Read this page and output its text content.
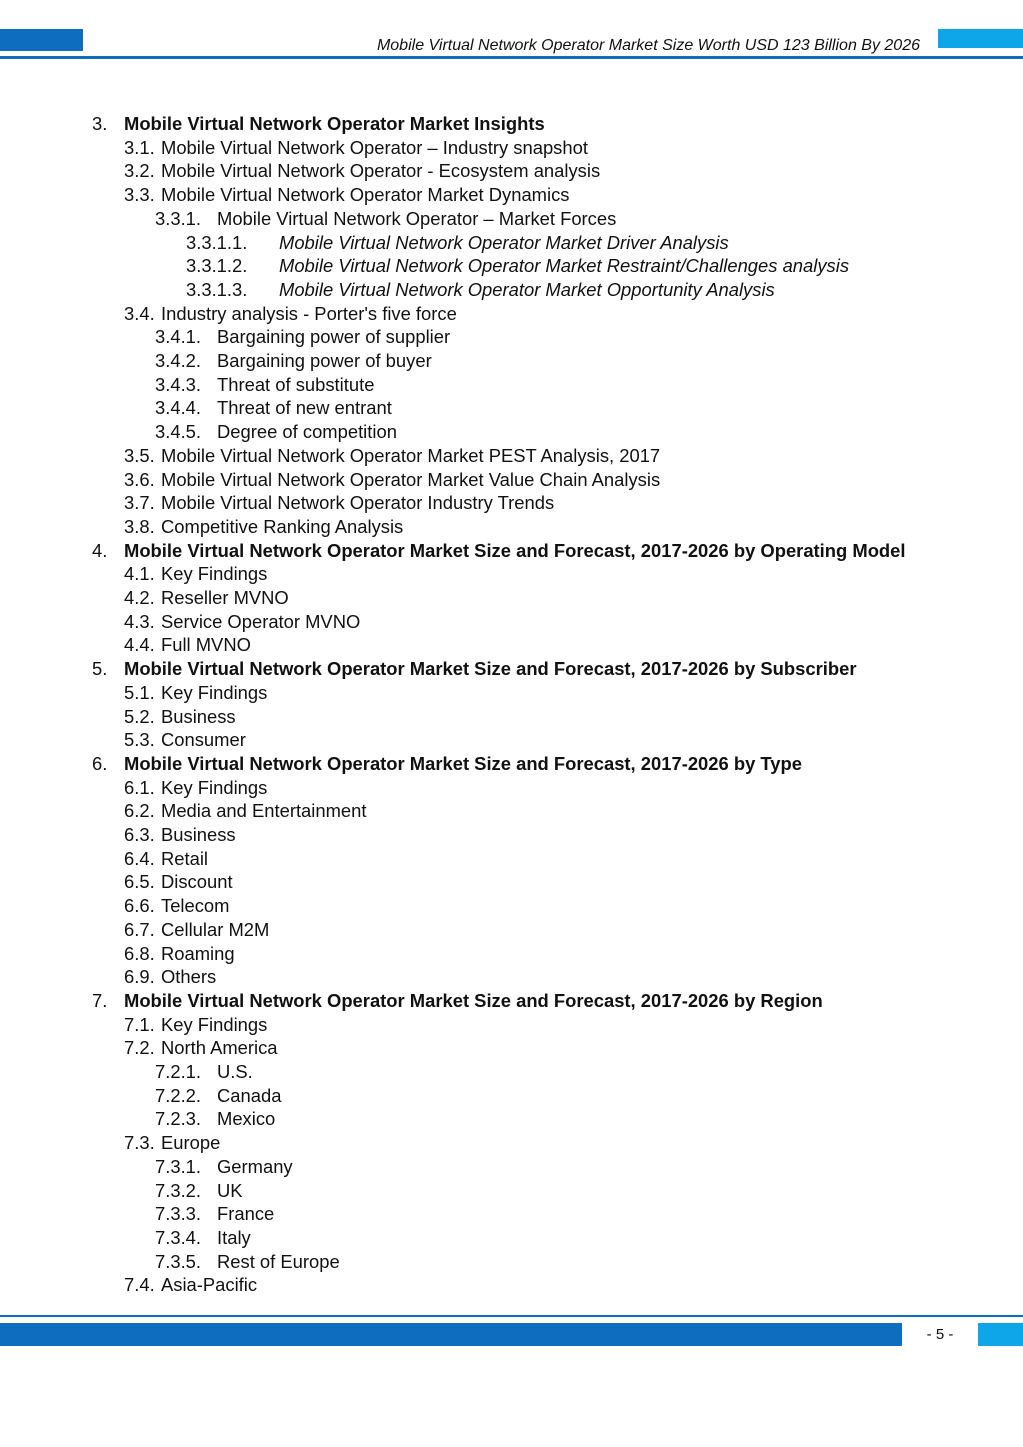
Mobile Virtual Network Operator Market Size Worth USD 123 Billion By 2026
3. Mobile Virtual Network Operator Market Insights
3.1. Mobile Virtual Network Operator – Industry snapshot
3.2. Mobile Virtual Network Operator - Ecosystem analysis
3.3. Mobile Virtual Network Operator Market Dynamics
3.3.1. Mobile Virtual Network Operator – Market Forces
3.3.1.1. Mobile Virtual Network Operator Market Driver Analysis
3.3.1.2. Mobile Virtual Network Operator Market Restraint/Challenges analysis
3.3.1.3. Mobile Virtual Network Operator Market Opportunity Analysis
3.4. Industry analysis - Porter's five force
3.4.1. Bargaining power of supplier
3.4.2. Bargaining power of buyer
3.4.3. Threat of substitute
3.4.4. Threat of new entrant
3.4.5. Degree of competition
3.5. Mobile Virtual Network Operator Market PEST Analysis, 2017
3.6. Mobile Virtual Network Operator Market Value Chain Analysis
3.7. Mobile Virtual Network Operator Industry Trends
3.8. Competitive Ranking Analysis
4. Mobile Virtual Network Operator Market Size and Forecast, 2017-2026 by Operating Model
4.1. Key Findings
4.2. Reseller MVNO
4.3. Service Operator MVNO
4.4. Full MVNO
5. Mobile Virtual Network Operator Market Size and Forecast, 2017-2026 by Subscriber
5.1. Key Findings
5.2. Business
5.3. Consumer
6. Mobile Virtual Network Operator Market Size and Forecast, 2017-2026 by Type
6.1. Key Findings
6.2. Media and Entertainment
6.3. Business
6.4. Retail
6.5. Discount
6.6. Telecom
6.7. Cellular M2M
6.8. Roaming
6.9. Others
7. Mobile Virtual Network Operator Market Size and Forecast, 2017-2026 by Region
7.1. Key Findings
7.2. North America
7.2.1. U.S.
7.2.2. Canada
7.2.3. Mexico
7.3. Europe
7.3.1. Germany
7.3.2. UK
7.3.3. France
7.3.4. Italy
7.3.5. Rest of Europe
7.4. Asia-Pacific
- 5 -
